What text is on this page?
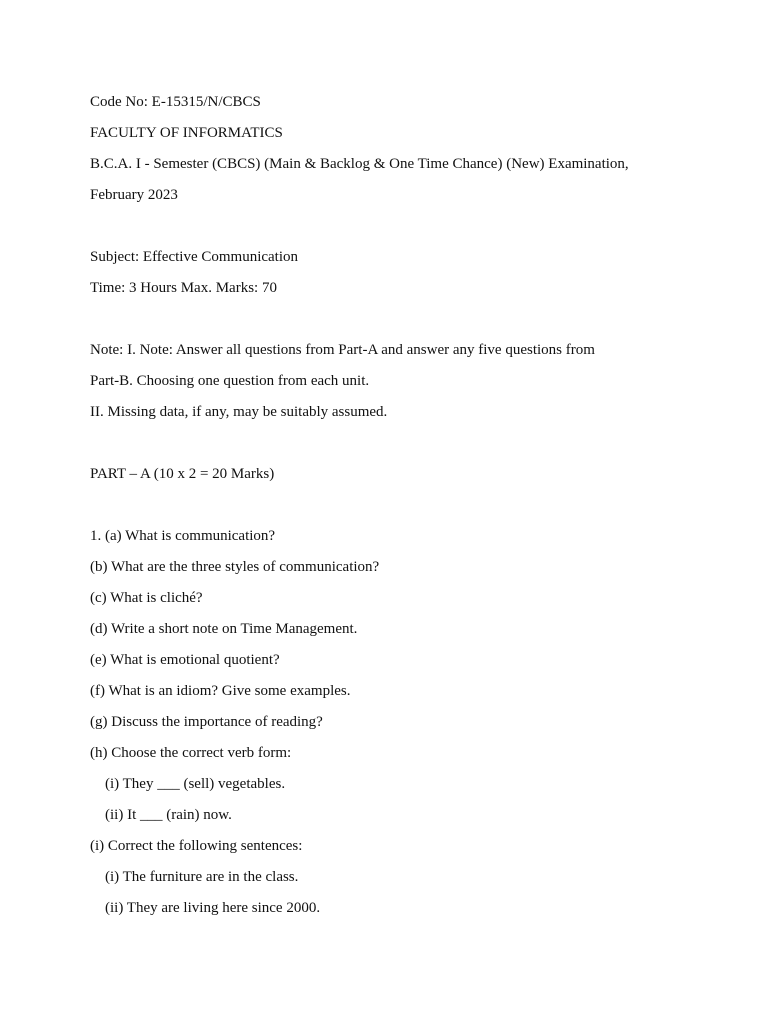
Code No: E-15315/N/CBCS
FACULTY OF INFORMATICS
B.C.A. I - Semester (CBCS) (Main & Backlog & One Time Chance) (New) Examination,
February 2023
Subject: Effective Communication
Time: 3 Hours Max. Marks: 70
Note: I. Note: Answer all questions from Part-A and answer any five questions from
Part-B. Choosing one question from each unit.
II. Missing data, if any, may be suitably assumed.
PART – A (10 x 2 = 20 Marks)
1. (a) What is communication?
(b) What are the three styles of communication?
(c) What is cliché?
(d) Write a short note on Time Management.
(e) What is emotional quotient?
(f) What is an idiom? Give some examples.
(g) Discuss the importance of reading?
(h) Choose the correct verb form:
(i) They ___ (sell) vegetables.
(ii) It ___ (rain) now.
(i) Correct the following sentences:
(i) The furniture are in the class.
(ii) They are living here since 2000.
